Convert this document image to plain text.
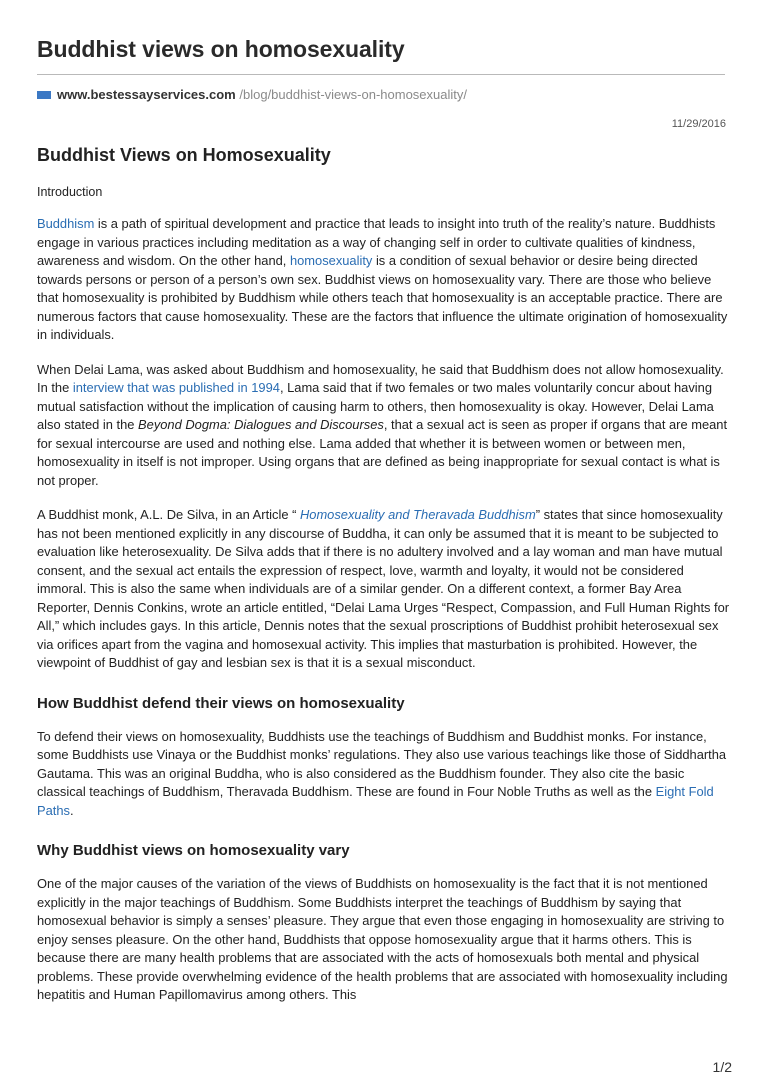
Buddhist views on homosexuality
www.bestessayservices.com /blog/buddhist-views-on-homosexuality/
11/29/2016
Buddhist Views on Homosexuality
Introduction

Buddhism is a path of spiritual development and practice that leads to insight into truth of the reality’s nature. Buddhists engage in various practices including meditation as a way of changing self in order to cultivate qualities of kindness, awareness and wisdom. On the other hand, homosexuality is a condition of sexual behavior or desire being directed towards persons or person of a person’s own sex. Buddhist views on homosexuality vary. There are those who believe that homosexuality is prohibited by Buddhism while others teach that homosexuality is an acceptable practice. There are numerous factors that cause homosexuality. These are the factors that influence the ultimate origination of homosexuality in individuals.

When Delai Lama, was asked about Buddhism and homosexuality, he said that Buddhism does not allow homosexuality. In the interview that was published in 1994, Lama said that if two females or two males voluntarily concur about having mutual satisfaction without the implication of causing harm to others, then homosexuality is okay. However, Delai Lama also stated in the Beyond Dogma: Dialogues and Discourses, that a sexual act is seen as proper if organs that are meant for sexual intercourse are used and nothing else. Lama added that whether it is between women or between men, homosexuality in itself is not improper. Using organs that are defined as being inappropriate for sexual contact is what is not proper.

A Buddhist monk, A.L. De Silva, in an Article “ Homosexuality and Theravada Buddhism” states that since homosexuality has not been mentioned explicitly in any discourse of Buddha, it can only be assumed that it is meant to be subjected to evaluation like heterosexuality. De Silva adds that if there is no adultery involved and a lay woman and man have mutual consent, and the sexual act entails the expression of respect, love, warmth and loyalty, it would not be considered immoral. This is also the same when individuals are of a similar gender. On a different context, a former Bay Area Reporter, Dennis Conkins, wrote an article entitled, “Delai Lama Urges “Respect, Compassion, and Full Human Rights for All,” which includes gays. In this article, Dennis notes that the sexual proscriptions of Buddhist prohibit heterosexual sex via orifices apart from the vagina and homosexual activity. This implies that masturbation is prohibited. However, the viewpoint of Buddhist of gay and lesbian sex is that it is a sexual misconduct.

How Buddhist defend their views on homosexuality

To defend their views on homosexuality, Buddhists use the teachings of Buddhism and Buddhist monks. For instance, some Buddhists use Vinaya or the Buddhist monks’ regulations. They also use various teachings like those of Siddhartha Gautama. This was an original Buddha, who is also considered as the Buddhism founder. They also cite the basic classical teachings of Buddhism, Theravada Buddhism. These are found in Four Noble Truths as well as the Eight Fold Paths.

Why Buddhist views on homosexuality vary

One of the major causes of the variation of the views of Buddhists on homosexuality is the fact that it is not mentioned explicitly in the major teachings of Buddhism. Some Buddhists interpret the teachings of Buddhism by saying that homosexual behavior is simply a senses’ pleasure. They argue that even those engaging in homosexuality are striving to enjoy senses pleasure. On the other hand, Buddhists that oppose homosexuality argue that it harms others. This is because there are many health problems that are associated with the acts of homosexuals both mental and physical problems. These provide overwhelming evidence of the health problems that are associated with homosexuality including hepatitis and Human Papillomavirus among others. This

1/2
